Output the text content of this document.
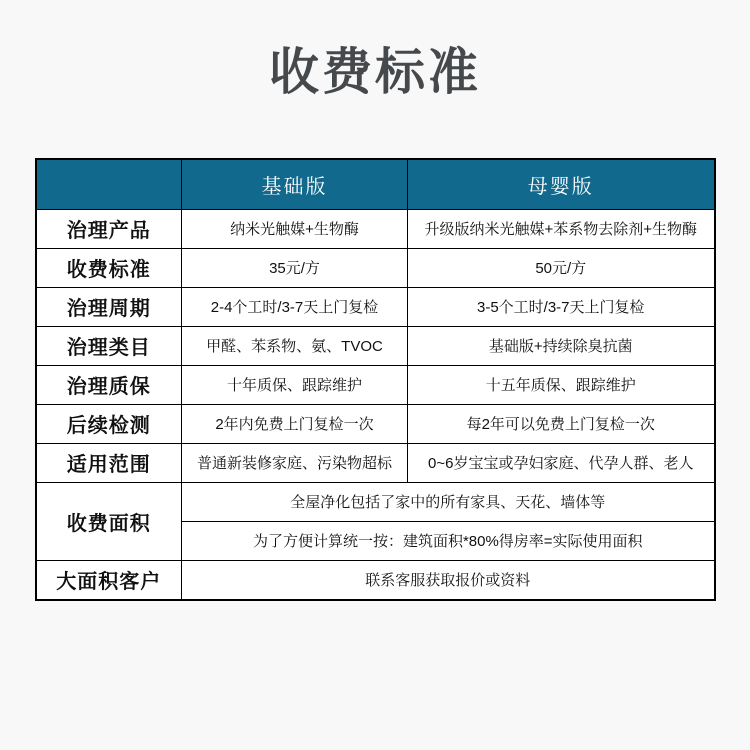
收费标准
	基础版	母婴版
治理产品	纳米光触媒+生物酶	升级版纳米光触媒+苯系物去除剂+生物酶
收费标准	35元/方	50元/方
治理周期	2-4个工时/3-7天上门复检	3-5个工时/3-7天上门复检
治理类目	甲醛、苯系物、氨、TVOC	基础版+持续除臭抗菌
治理质保	十年质保、跟踪维护	十五年质保、跟踪维护
后续检测	2年内免费上门复检一次	每2年可以免费上门复检一次
适用范围	普通新装修家庭、污染物超标	0~6岁宝宝或孕妇家庭、代孕人群、老人
收费面积	全屋净化包括了家中的所有家具、天花、墙体等	
	为了方便计算统一按：建筑面积*80%得房率=实际使用面积	
大面积客户	联系客服获取报价或资料	
